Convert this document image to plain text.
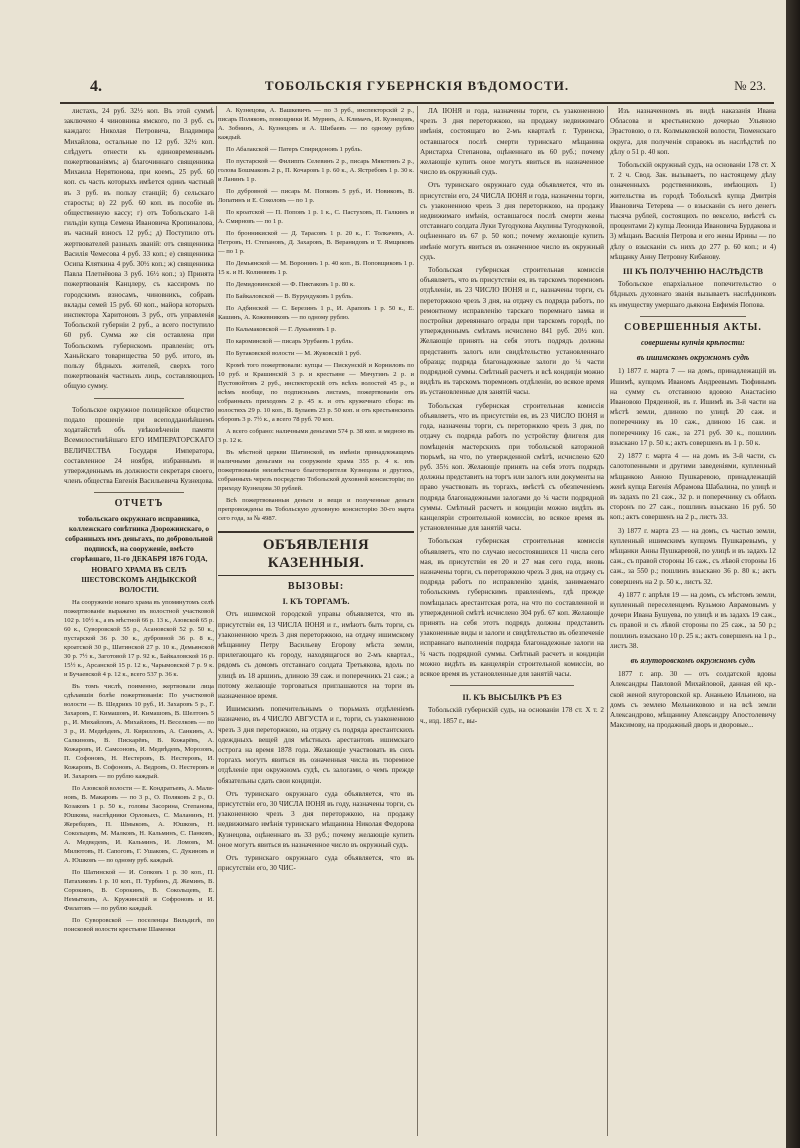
4.	ТОБОЛЬСКІЯ ГУБЕРНСКІЯ ВѢДОМОСТИ.	№ 23.

листахъ, 24 руб. 32½ коп. Въ этой суммѣ заключено 4 чиновника ямского, по 3 руб. съ каждаго: Николая Петровича, Владимира Михайлова, остальные по 12 руб. 32½ коп. слѣдуетъ отнести къ единовременнымъ пожертвованіямъ; а) благочиннаго священника Михаила Нерятюнова, при коемъ, 25 руб. 60 коп. съ часть которыхъ имѣется одинъ частный въ 3 руб. въ пользу станцій; б) сельскаго старосты; в) 22 руб. 60 коп. въ пособіе въ общественную кассу; г) отъ Тобольскаго 1-й гильдіи купца Семена Ивановича Кропиналова, въ часный взносъ 12 руб.; д) Поступило отъ жертвователей разныхъ званій: отъ священника Василія Чемесова 4 руб. 33 коп.; е) священника Осипа Кляткина 4 руб. 30½ коп.; ж) священника Павла Плетнёвова 3 руб. 16½ коп.; з) Принята пожертвованія Канцлеру, съ кассиромъ по городскимъ взносамъ, чиновникъ, собравъ вклады семей 15 руб. 60 коп., майора которыхъ инспектора Харитоновъ 3 руб., отъ управленія Тобольской губерніи 2 руб., а всего поступило 60 руб. Сумма же сія оставлена при Тобольскомъ губернскомъ правленіи; отъ Ханьйскаго товарищества 50 руб. итого, въ пользу бѣдныхъ жителей, сверхъ того пожертвованія частныхъ лицъ, составляющихъ общую сумму.

Тобольское окружное полицейское общество подало прошеніе при всеподданнѣйшемъ ходатайствѣ объ увѣковѣченіи памяти Всемилостивѣйшаго ЕГО ИМПЕРАТОРСКАГО ВЕЛИЧЕСТВА Государя Императора, составленное 24 ноября, избраннымъ и утвержденнымъ въ должности секретаря своего, членъ общества Евгенія Васильевича Кузнецова.

ОТЧЕТЪ
тобольскаго окружнаго исправника, коллежскаго совѣтника Дзорожинскаго, о собранныхъ имъ деньгахъ, по добровольной подпискѣ, на сооруженіе, вмѣсто сгорѣвшаго, 11-го ДЕКАБРЯ 1876 ГОДА, НОВАГО ХРАМА ВЪ СЕЛѢ ШЕСТОВСКОМЪ АНДЫКСКОЙ ВОЛОСТИ.

На сооруженіе новаго храма въ упомянутомъ селѣ пожертвованіе выражено въ волостной участковой 102 р. 10½ к., а въ мѣстной 66 р. 13 к., Азовской 65 р. 60 к., Суворовской 55 р., Асановской 52 р. 50 к., пустарской 36 р. 30 к., дубровной 36 р. 8 к., кроатской 30 р., Шатинской 27 р. 10 к., Демьянской 30 р. 7½ к., Заготовой 17 р. 92 к., Байкаловской 16 р. 15½ к., Арсанской 15 р. 12 к., Чарымовской 7 р. 9 к. и Бучаевской 4 р. 12 к., всего 537 р. 36 к.

Въ томъ числѣ, поименно, жертвовали лица сдѣлавшія болѣе пожертвованія: По участковой волости — В. Шедрикъ 10 руб., И. Захаровъ 5 р., Г. Захаровъ, Г. Кимашовъ, И. Кимашовъ, В. Шелтонъ 5 р., И. Михайловъ, А. Михайловъ, Н. Веселковъ — по 3 р., И. Медвѣдевъ, Л. Кирилловъ, А. Санкинъ, А. Салкиновъ, В. Пискарёвъ, В. Кожарёвъ, А. Кожаровъ, И. Самсоновъ, И. Медвѣдевъ, Морозовъ, П. Софоновъ, Н. Нестеровъ, В. Нестеровъ, И. Кожаровъ, В. Софоновъ, А. Ведровъ, О. Нестеровъ и И. Захаровъ — по рублю каждый.

По Азовской волости — Е. Кондратьевъ, А. Малиновъ, В. Макаровъ — по 3 р., О. Поляковъ 2 р., О. Козаковъ 1 р. 50 к., головы Засорина, Степанова, Юшкова, наслѣдники Орловыхъ, С. Маланинъ, Н. Жеребцовъ, П. Шмыковъ, А. Юшковъ, Н. Сокольцевъ, М. Малковъ, Н. Кальминъ, С. Панковъ, А. Медведевъ, И. Кальминъ, И. Ломовъ, М. Милютовъ, Н. Сапоговъ, Г. Ушаковъ, С. Дукиновъ и А. Юшковъ — по одному руб. каждый.

По Шатинской — И. Сопковъ 1 р. 30 коп., П. Патахиковъ 1 р. 10 коп., П. Турбинъ, Д. Жеминъ, В. Сорокинъ, В. Сорокинъ, В. Сокольцевъ, Е. Немытковъ, А. Кружинскій и Софроновъ и И. Филатовъ — по рублю каждый.

По Суворовской — поселенцы Вильдизѣ, по поисковой волости крестьяне Шаменки

А. Кузнецова, А. Вашкевичъ — по 3 руб., инспекторскій 2 р., писарь Поляковъ, помощники И. Муринъ, А. Климачъ, И. Кузнецовъ, А. Зобнинъ, А. Кузнецовъ и А. Шибаевъ — по одному рублю каждый.

По Абалакской — Патеръ Спиридоновъ 1 рубль.

По пустарской — Филиппъ Селевинъ 2 р., писарь Мякотинъ 2 р., голова Бошмаковъ 2 р., П. Кочаровъ 1 р. 60 к., А. Ястребовъ 1 р. 30 к. и Ланинъ 1 р.

По дубровной — писарь М. Попковъ 5 руб., И. Новиковъ, В. Лопатинъ и Е. Соколовъ — по 1 р.

По кроатской — П. Поповъ 1 р. 1 к., С. Пастуховъ, П. Галкинъ и А. Смирновъ — по 1 р.

По бронникиской — Д. Тарасовъ 1 р. 20 к., Г. Толкачевъ, А. Петровъ, Н. Степановъ, Д. Захаровъ, В. Веранидовъ и Т. Ямщиковъ — по 1 р.

По Демьянской — М. Воронинъ 1 р. 40 коп., В. Поповщиковъ 1 р. 15 к. и Н. Колиняевъ 1 р.

По Демидовинской — Ф. Пиктаковъ 1 р. 80 к.

По Байкаловской — В. Вурундуковъ 1 рубль.

По Адбинской — С. Березинъ 1 р., И. Араповъ 1 р. 50 к., Е. Кашинъ, А. Кожевниковъ — по одному рублю.

По Кальмаковской — Г. Лукьяновъ 1 р.

По кароминской — писарь Урубаевъ 1 рубль.

По Бутаковской волости — М. Жуковскій 1 руб.

Кромѣ того пожертвовали: купцы — Пискунскій и Корниловъ по 10 руб. и Крашинскій 3 р. и крестьяне — Мячугинъ 2 р. и Пустовойтовъ 2 руб., инспекторскій отъ всѣхъ волостей 45 р., и всѣмъ вообще, по подписнымъ листамъ, пожертвованія отъ собранныхъ приходомъ 2 р. 45 к. и отъ кружечнаго сбора: въ волостяхъ 29 р. 10 коп., В. Булаевъ 23 р. 50 коп. и отъ крестьянскихъ сборовъ 3 р. 7½ к., а всего 78 руб. 70 коп.

А всего собрано: наличными деньгами 574 р. 38 коп. и медною въ 3 р. 12 к.

Въ мѣстной церкви Шатинской, въ имѣніи принадлежащемъ наличными деньгами на сооруженіе храма 355 р. 4 к. изъ пожертвованія неизвѣстнаго благотворителя Кузнецова и другихъ, собранныхъ черезъ посредство Тобольской духовной консисторіи; по приходу Кузнецова 30 рублей.

Всѣ пожертвованныя деньги и вещи и полученные деньги препровождены въ Тобольскую духовную консисторію 30-го марта сего года, за № 4987.

ОБЪЯВЛЕНІЯ КАЗЕННЫЯ.
ВЫЗОВЫ:
I. КЪ ТОРГАМЪ.

Отъ ишимской городской управы объявляется, что въ присутствіи ея, 13 ЧИСЛА ІЮНЯ и г., имѣютъ быть торги, съ узаконенною чрезъ 3 дня переторжкою, на отдачу ишимскому мѣщанину Петру Васильеву Егорову мѣста земли, прилегающаго къ городу, находящагося во 2-мъ квартал., рядомъ съ домомъ отставнаго солдата Третьякова, вдоль по улицѣ въ 18 аршинъ, длиною 39 саж. и поперечникъ 21 саж.; а потому желающіе торговаться приглашаются на торги въ назначенное время.

Ишимскимъ попечительнымъ о тюрьмахъ отдѣленіемъ назначено, въ 4 ЧИСЛО АВГУСТА и г., торги, съ узаконенною чрезъ 3 дня переторжкою, на отдачу съ подряда арестантскихъ одеждныхъ вещей для мѣстныхъ арестантовъ ишимскаго острога на время 1878 года. Желающіе участвовать въ сихъ торгахъ могутъ явиться въ означенныя числа въ тюремное отдѣленіе при окружномъ судѣ, съ залогами, о чемъ прежде обязательны сдать свои кондиціи.

Отъ туринскаго окружнаго суда объявляется, что въ присутствіи его, 30 ЧИСЛА ІЮНЯ въ году, назначены торги, съ узаконенною чрезъ 3 дня переторжкою, на продажу недвижимаго имѣнія туринскаго мѣщанина Николая Федорова Кузнецова, оцѣненнаго въ 33 руб.; почему желающіе купить оное могутъ явиться въ назначенное число въ окружный судъ.

Отъ туринскаго окружнаго суда объявляется, что въ присутствіи его, 30 ЧИС-

ЛА ІЮНЯ и года, назначены торги, съ узаконенною чрезъ 3 дня переторжкою, на продажу недвижимаго имѣнія, состоящаго во 2-мъ кварталѣ г. Туринска, оставшагося послѣ смерти туринскаго мѣщанина Аристарха Степанова, оцѣненнаго въ 60 руб.; почему желающіе купить оное могутъ явиться въ назначенное число въ окружный судъ.

Отъ туринскаго окружнаго суда объявляется, что въ присутствіи его, 24 ЧИСЛА ІЮНЯ и года, назначены торги, съ узаконенною чрезъ 3 дня переторжкою, на продажу недвижимаго имѣнія, оставшагося послѣ смерти жены отставнаго солдата Луки Тугодукова Акулины Тугодуковой, оцѣненнаго въ 67 р. 50 коп.; почему желающіе купить имѣніе могутъ явиться въ означенное число въ окружный судъ.

Тобольская губернская строительная комиссія объявляетъ, что въ присутствіи ея, въ тарскомъ тюремномъ отдѣленіи, въ 23 ЧИСЛО ІЮНЯ и г., назначены торги, съ переторжкою чрезъ 3 дня, на отдачу съ подряда работъ, по ремонтному исправленію тарскаго тюремнаго замка и постройки деревяннаго ограды при тарскомъ городѣ, по утвержденнымъ смѣтамъ исчислено 841 руб. 20½ коп. Желающіе принять на себя этотъ подрядъ должны представить залогъ или свидѣтельство установленнаго образца; подряда благонадежные залоги до ¼ части подрядной суммы. Смѣтный расчетъ и всѣ кондиціи можно видѣть въ тарскомъ тюремномъ отдѣленіи, во всякое время въ установленные для занятій часы.

Тобольская губернская строительная комиссія объявляетъ, что въ присутствіи ея, въ 23 ЧИСЛО ІЮНЯ и года, назначены торги, съ переторжкою чрезъ 3 дня, по отдачу съ подряда работъ по устройству флигеля для помѣщенія мастерскихъ при тобольской каторжной тюрьмѣ, на что, по утвержденной смѣтѣ, исчислено 620 руб. 35½ коп. Желающіе принять на себя этотъ подрядъ должны представить на торгъ или залогъ или документы на право участвовать въ торгахъ, вмѣстѣ съ обезпеченіемъ подряда благонадежными залогами до ¼ части подрядной суммы. Смѣтный расчетъ и кондиціи можно видѣть въ канцеляріи строительной комиссіи, во всякое время въ установленные для занятій часы.

Тобольская губернская строительная комиссія объявляетъ, что по случаю несостоявшихся 11 числа сего мая, въ присутствіи ея 20 и 27 мая сего года, вновь назначены торги, съ переторжкою чрезъ 3 дня, на отдачу съ подряда работъ по исправленію зданія, занимаемаго тобольскимъ губернскимъ правленіемъ, гдѣ прежде помѣщалась арестантская рота, на что по составленной и утвержденной смѣтѣ исчислено 304 руб. 67 коп. Желающіе принять на себя этотъ подрядъ должны представить узаконенные виды и залоги и свидѣтельство въ обезпеченіе исправнаго выполненія подряда благонадежные залоги на ¼ часть подрядной суммы. Смѣтный расчетъ и кондиціи можно видѣть въ канцеляріи строительной комиссіи, во всякое время въ установленные для занятій часы.

II. КЪ ВЫСЫЛКѢ РѢ ЕЗ

Тобольскій губернскій судъ, на основаніи 178 ст. Х т. 2 ч., изд. 1857 г., вы-

Изъ назначенномъ въ видѣ наказанія Ивана Обласова и крестьянскою дочерью Ульяною Эрастовою, о гл. Колмыковской волости, Тюменскаго округа, для полученія справокъ въ наслѣдствѣ по дѣлу о 51 р. 40 коп.

Тобольскій окружный судъ, на основаніи 178 ст. Х т. 2 ч. Свод. Зак. вызываетъ, по настоящему дѣлу означенныхъ родственниковъ, имѣющихъ 1) жительства въ городѣ Тобольскѣ купца Дмитрія Ивановича Тетерева — о взысканіи съ него денегъ тысяча рублей, состоящихъ по векселю, вмѣстѣ съ процентами 2) купца Леонида Ивановича Бурдакова и 3) мѣщанъ Василія Петрова и его жены Ирины — по дѣлу о взысканіи съ нихъ до 277 р. 60 коп.; и 4) мѣщанку Анну Петровну Кибанову.

III КЪ ПОЛУЧЕНІЮ НАСЛѢДСТВ

Тобольское епархіальное попечительство о бѣдныхъ духовнаго званія вызываетъ наслѣдниковъ къ имуществу умершаго дьякона Евфимія Попова.

СОВЕРШЕННЫЯ АКТЫ.
совершены купчія крѣпости:
въ ишимскомъ окружномъ судѣ

1) 1877 г. марта 7 — на домъ, принадлежащій въ Ишимѣ, купцомъ Иваномъ Андреевымъ Тюфинымъ на сумму съ отставною вдовою Анастасіею Ивановою Прядеиной, въ г. Ишимѣ въ 3-й части на мѣстѣ земли, длиною по улицѣ 20 саж. и поперечнику въ 10 саж., длиною 16 саж. и поперечнику 16 саж., за 271 руб. 30 к., пошлинъ взыскано 17 р. 50 к.; актъ совершенъ въ 1 р. 50 к.

2) 1877 г. марта 4 — на домъ въ 3-й части, съ салотопенными и другими заведеніями, купленный мѣщанкою Анною Пушкаревою, принадлежащій женѣ купца Евгенія Абрамова Шабалина, по улицѣ и въ задахъ по 21 саж., 32 р. и поперечнику съ обѣихъ сторонъ по 27 саж., пошлинъ взыскано 16 руб. 50 коп.; актъ совершенъ на 2 р., листъ 33.

3) 1877 г. марта 23 — на домъ, съ частью земли, купленный ишимскимъ купцомъ Пушкаревымъ, у мѣщанки Анны Пушкаревой, по улицѣ и въ задахъ 12 саж., съ правой стороны 16 саж., съ лѣвой стороны 16 саж., за 550 р.; пошлинъ взыскано 36 р. 80 к.; актъ совершенъ на 2 р. 50 к., листъ 32.

4) 1877 г. апрѣля 19 — на домъ, съ мѣстомъ земли, купленный переселенцемъ Кузьмою Аврамовымъ у дочери Ивана Бушуева, по улицѣ и въ задахъ 19 саж., съ правой и съ лѣвой стороны по 25 саж., за 50 р.; пошлинъ взыскано 10 р. 25 к.; актъ совершенъ на 1 р., листъ 38.

въ ялуторовскомъ окружномъ судѣ

1877 г. апр. 30 — отъ солдатской вдовы Александры Павловой Михайловой, данная ей кр.-ской женой ялуторовской кр. Ананьею Ильиною, на домъ съ землею Мельниковою и на всѣ земли Александрово, мѣщанину Александру Апостолевичу Максимову, на продажный дворъ и дворовые...
